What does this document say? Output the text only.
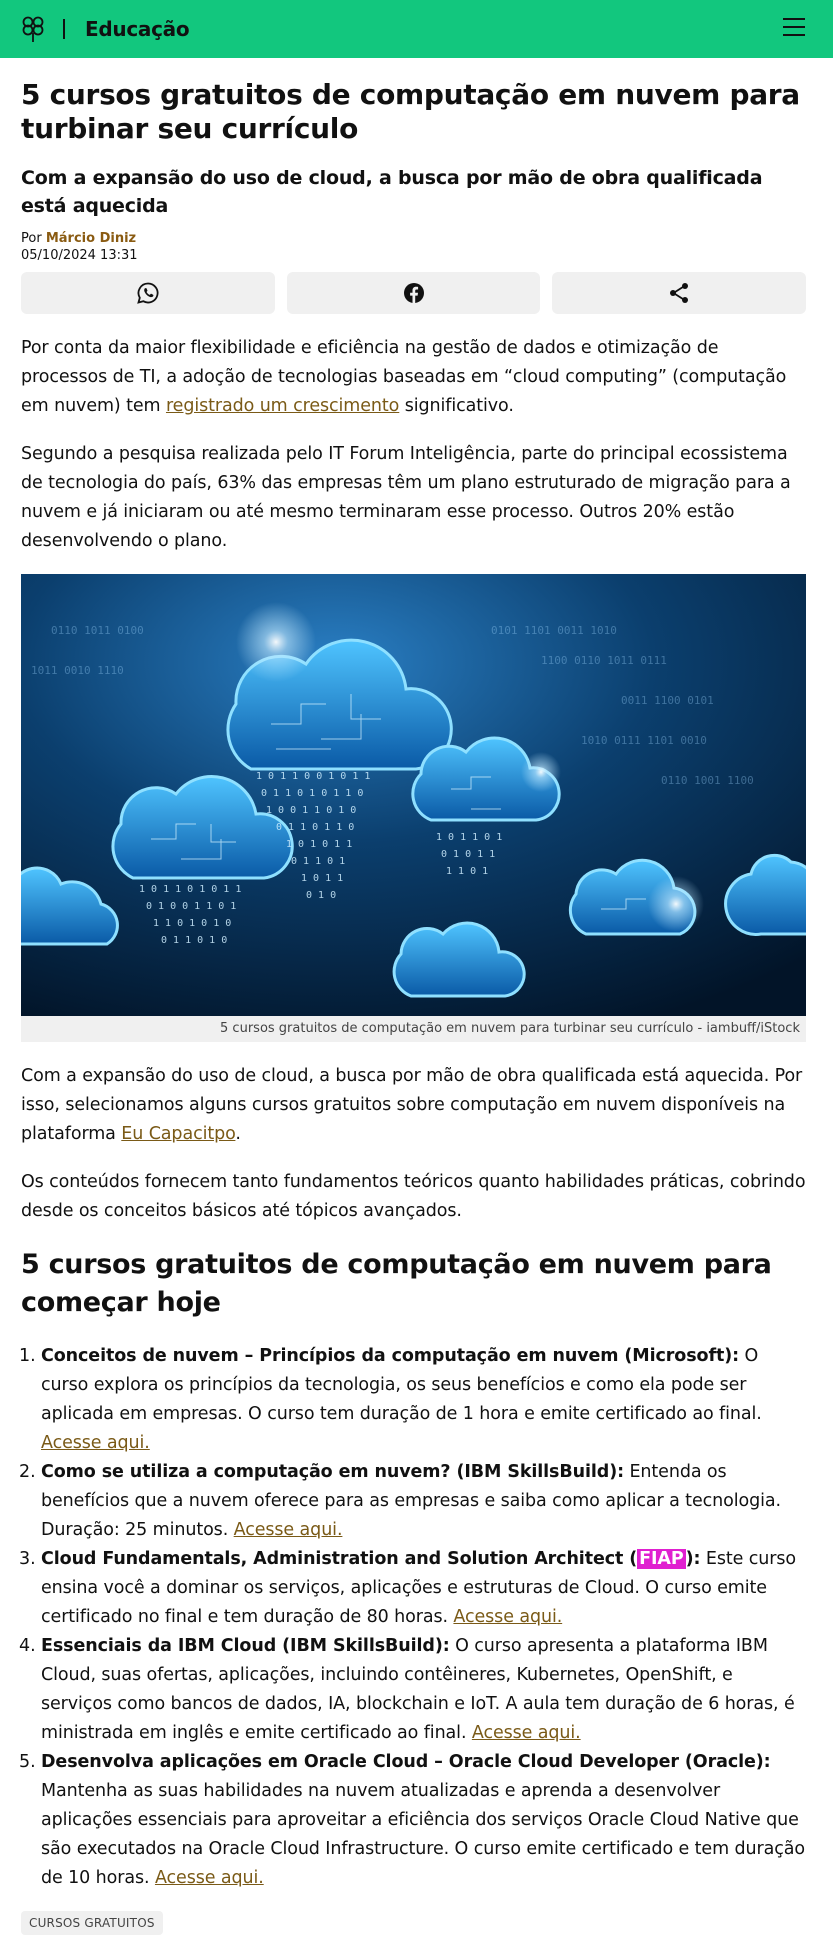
Educação
5 cursos gratuitos de computação em nuvem para turbinar seu currículo
Com a expansão do uso de cloud, a busca por mão de obra qualificada está aquecida
Por Márcio Diniz
05/10/2024 13:31

Por conta da maior flexibilidade e eficiência na gestão de dados e otimização de processos de TI, a adoção de tecnologias baseadas em “cloud computing” (computação em nuvem) tem registrado um crescimento significativo.

Segundo a pesquisa realizada pelo IT Forum Inteligência, parte do principal ecossistema de tecnologia do país, 63% das empresas têm um plano estruturado de migração para a nuvem e já iniciaram ou até mesmo terminaram esse processo. Outros 20% estão desenvolvendo o plano.

0101 1101 0011 1010
1100 0110 1011 0111
0011 1100 0101
1010 0111 1101 0010
0110 1001 1100
0110 1011 0100
1011 0010 1110
1 0 1 1 0 0 1 0 1 1
0 1 1 0 1 0 1 1 0
1 0 0 1 1 0 1 0
0 1 1 0 1 1 0
1 0 1 0 1 1
0 1 1 0 1
1 0 1 1
0 1 0
1 0 1 1 0 1 0 1 1
0 1 0 0 1 1 0 1
1 1 0 1 0 1 0
0 1 1 0 1 0
1 0 1 1 0 1
0 1 0 1 1
1 1 0 1
5 cursos gratuitos de computação em nuvem para turbinar seu currículo - iambuff/iStock

Com a expansão do uso de cloud, a busca por mão de obra qualificada está aquecida. Por isso, selecionamos alguns cursos gratuitos sobre computação em nuvem disponíveis na plataforma Eu Capacitpo.

Os conteúdos fornecem tanto fundamentos teóricos quanto habilidades práticas, cobrindo desde os conceitos básicos até tópicos avançados.

5 cursos gratuitos de computação em nuvem para começar hoje
1. Conceitos de nuvem – Princípios da computação em nuvem (Microsoft): O curso explora os princípios da tecnologia, os seus benefícios e como ela pode ser aplicada em empresas. O curso tem duração de 1 hora e emite certificado ao final. Acesse aqui.
2. Como se utiliza a computação em nuvem? (IBM SkillsBuild): Entenda os benefícios que a nuvem oferece para as empresas e saiba como aplicar a tecnologia. Duração: 25 minutos. Acesse aqui.
3. Cloud Fundamentals, Administration and Solution Architect ( FIAP ): Este curso ensina você a dominar os serviços, aplicações e estruturas de Cloud. O curso emite certificado no final e tem duração de 80 horas. Acesse aqui.
4. Essenciais da IBM Cloud (IBM SkillsBuild): O curso apresenta a plataforma IBM Cloud, suas ofertas, aplicações, incluindo contêineres, Kubernetes, OpenShift, e serviços como bancos de dados, IA, blockchain e IoT. A aula tem duração de 6 horas, é ministrada em inglês e emite certificado ao final. Acesse aqui.
5. Desenvolva aplicações em Oracle Cloud – Oracle Cloud Developer (Oracle): Mantenha as suas habilidades na nuvem atualizadas e aprenda a desenvolver aplicações essenciais para aproveitar a eficiência dos serviços Oracle Cloud Native que são executados na Oracle Cloud Infrastructure. O curso emite certificado e tem duração de 10 horas. Acesse aqui.
CURSOS GRATUITOS
